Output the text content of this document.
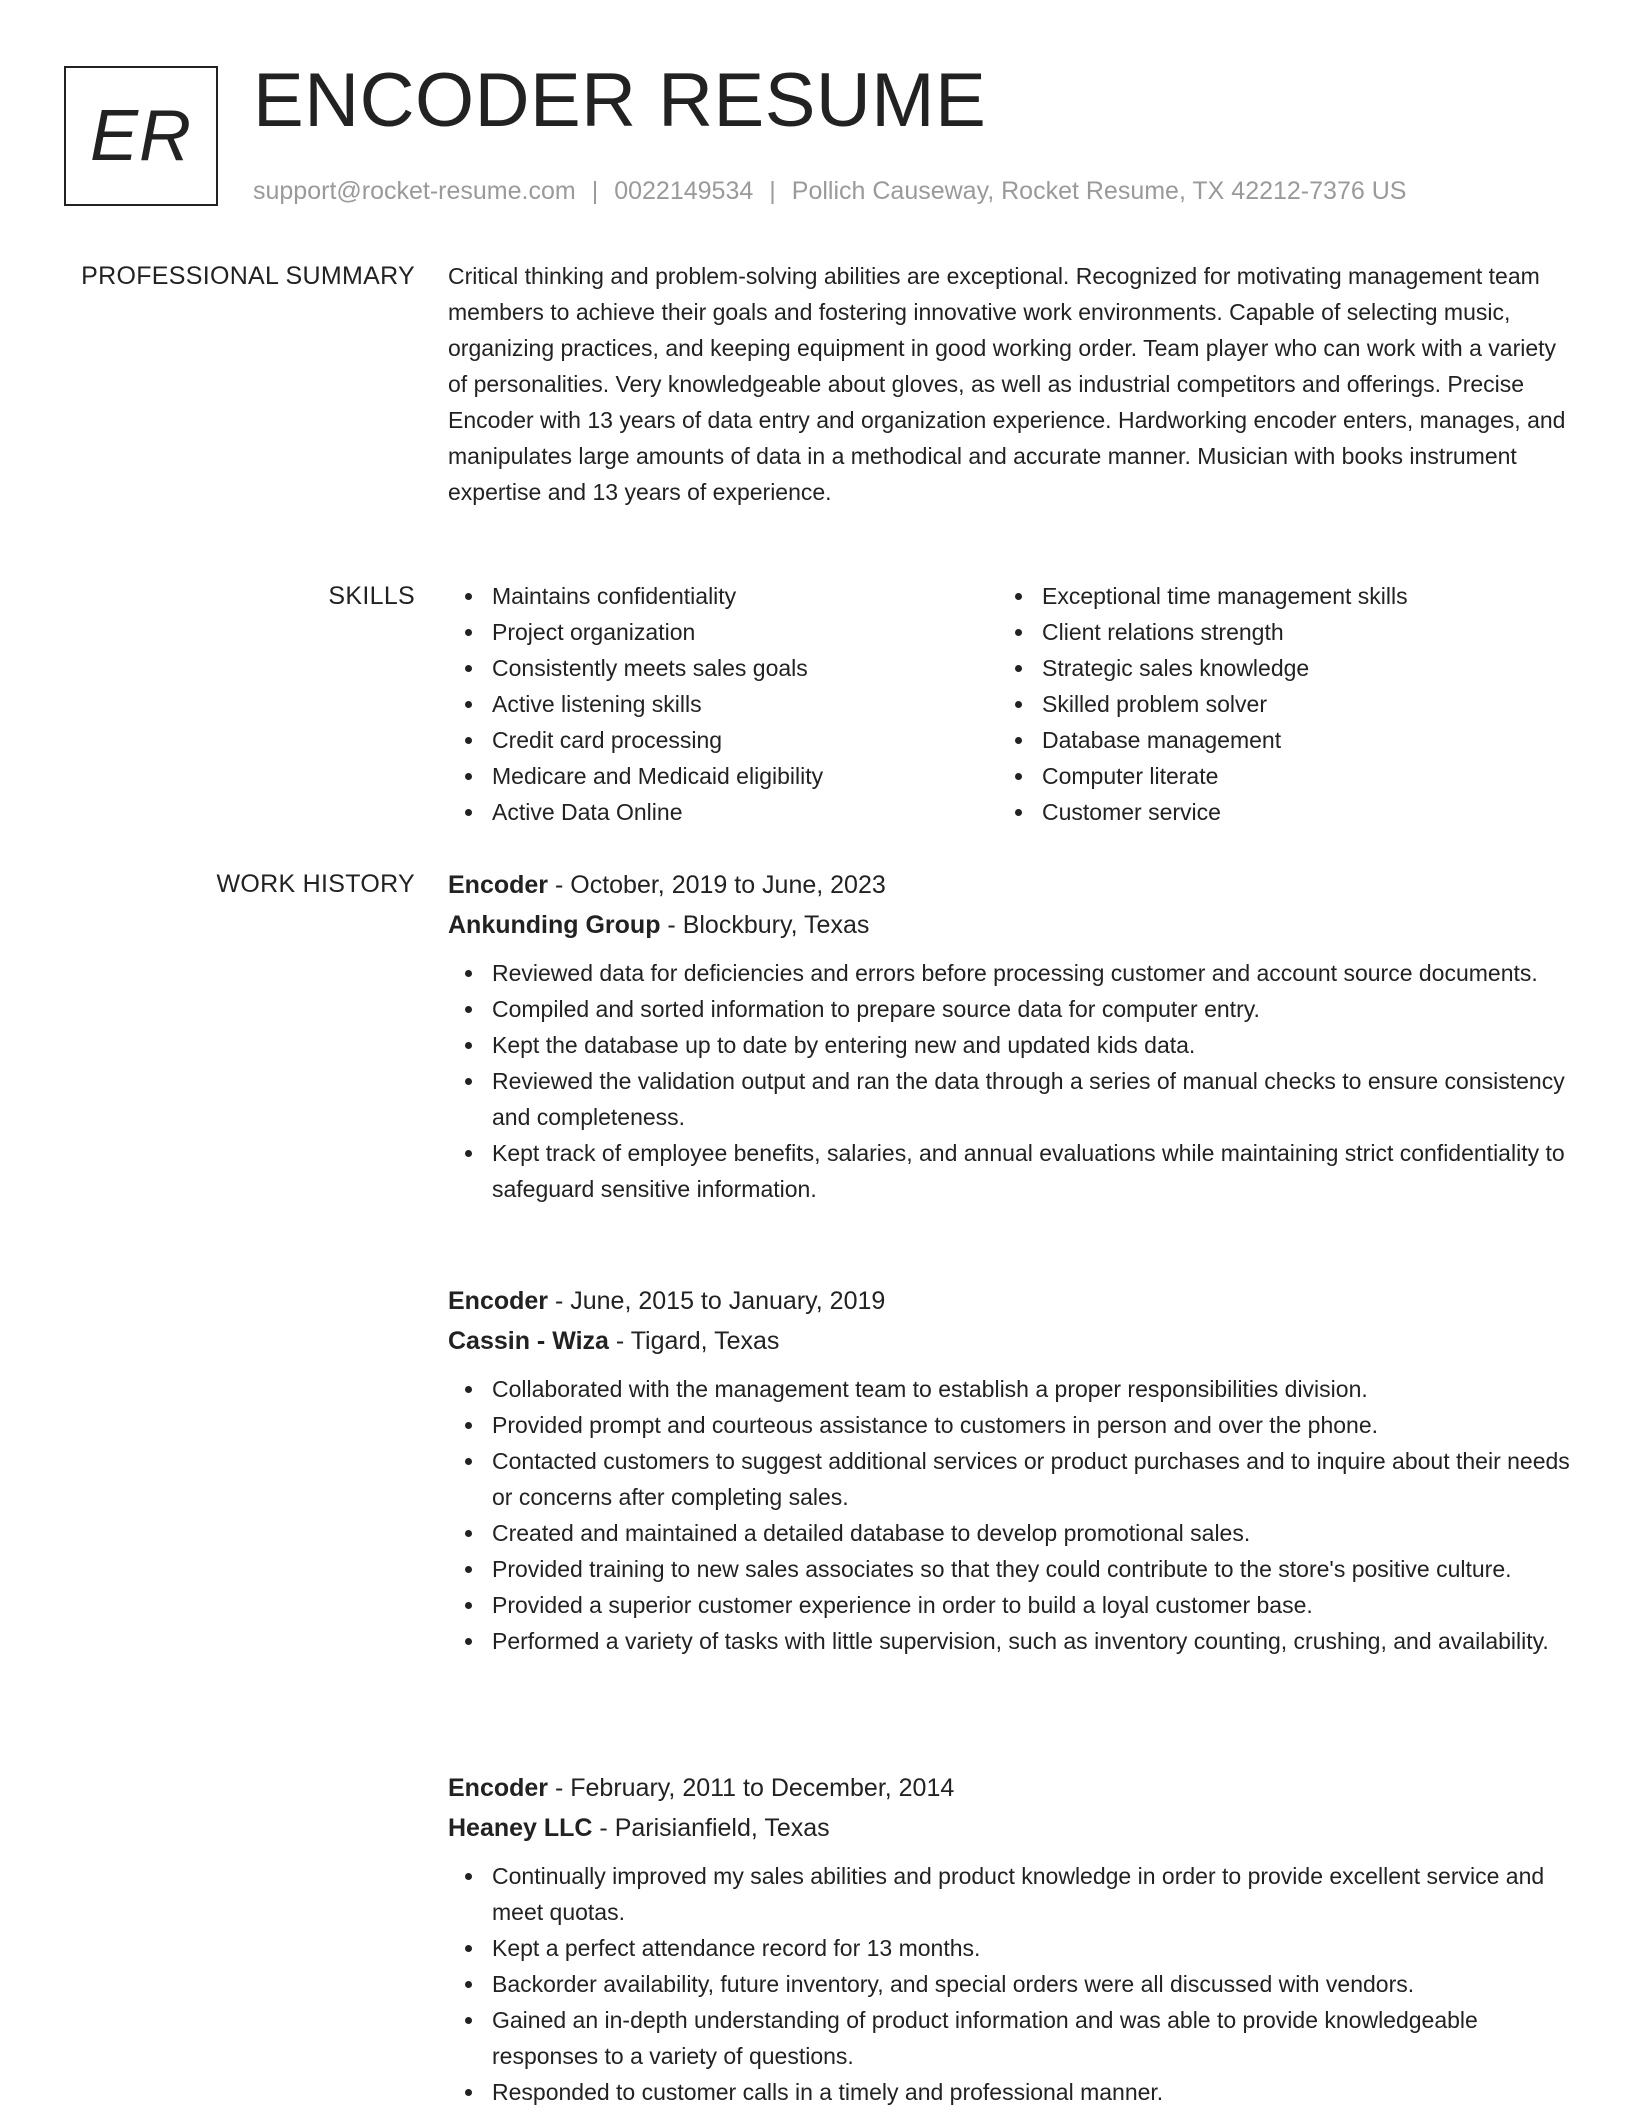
ER ENCODER RESUME
support@rocket-resume.com | 0022149534 | Pollich Causeway, Rocket Resume, TX 42212-7376 US
PROFESSIONAL SUMMARY Critical thinking and problem-solving abilities are exceptional. Recognized for motivating management team members to achieve their goals and fostering innovative work environments. Capable of selecting music, organizing practices, and keeping equipment in good working order. Team player who can work with a variety of personalities. Very knowledgeable about gloves, as well as industrial competitors and offerings. Precise Encoder with 13 years of data entry and organization experience. Hardworking encoder enters, manages, and manipulates large amounts of data in a methodical and accurate manner. Musician with books instrument expertise and 13 years of experience.

SKILLS	Maintains confidentiality
Project organization
Consistently meets sales goals
Active listening skills
Credit card processing
Medicare and Medicaid eligibility
Active Data Online
Exceptional time management skills
Client relations strength
Strategic sales knowledge
Skilled problem solver
Database management
Computer literate
Customer service
WORK HISTORY Encoder - October, 2019 to June, 2023
Ankunding Group - Blockbury, Texas
Reviewed data for deficiencies and errors before processing customer and account source documents.
Compiled and sorted information to prepare source data for computer entry.
Kept the database up to date by entering new and updated kids data.
Reviewed the validation output and ran the data through a series of manual checks to ensure consistency and completeness.
Kept track of employee benefits, salaries, and annual evaluations while maintaining strict confidentiality to safeguard sensitive information.
Encoder - June, 2015 to January, 2019
Cassin - Wiza - Tigard, Texas
Collaborated with the management team to establish a proper responsibilities division.
Provided prompt and courteous assistance to customers in person and over the phone.
Contacted customers to suggest additional services or product purchases and to inquire about their needs or concerns after completing sales.
Created and maintained a detailed database to develop promotional sales.
Provided training to new sales associates so that they could contribute to the store's positive culture.
Provided a superior customer experience in order to build a loyal customer base.
Performed a variety of tasks with little supervision, such as inventory counting, crushing, and availability.
Encoder - February, 2011 to December, 2014
Heaney LLC - Parisianfield, Texas
Continually improved my sales abilities and product knowledge in order to provide excellent service and meet quotas.
Kept a perfect attendance record for 13 months.
Backorder availability, future inventory, and special orders were all discussed with vendors.
Gained an in-depth understanding of product information and was able to provide knowledgeable responses to a variety of questions.
Responded to customer calls in a timely and professional manner.
